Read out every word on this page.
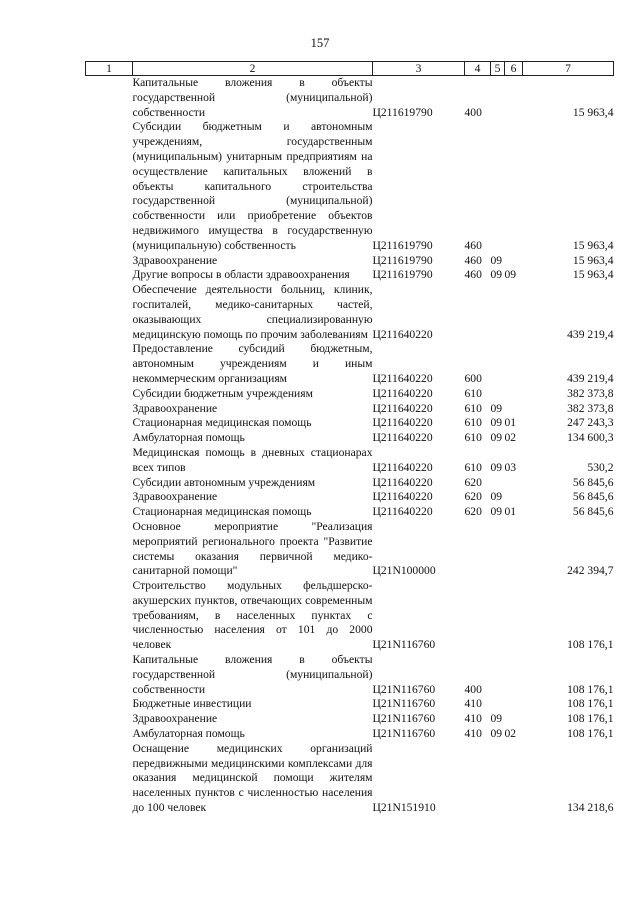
157
1	2	3	4	5	6	7
	Капитальные вложения в объекты государственной (муниципальной) собственности	Ц211619790	400			15 963,4
	Субсидии бюджетным и автономным учреждениям, государственным (муниципальным) унитарным предприятиям на осуществление капитальных вложений в объекты капитального строительства государственной (муниципальной) собственности или приобретение объектов недвижимого имущества в государственную (муниципальную) собственность	Ц211619790	460			15 963,4
	Здравоохранение	Ц211619790	460	09		15 963,4
	Другие вопросы в области здравоохранения	Ц211619790	460	09	09	15 963,4
	Обеспечение деятельности больниц, клиник, госпиталей, медико-санитарных частей, оказывающих специализированную медицинскую помощь по прочим заболеваниям	Ц211640220				439 219,4
	Предоставление субсидий бюджетным, автономным учреждениям и иным некоммерческим организациям	Ц211640220	600			439 219,4
	Субсидии бюджетным учреждениям	Ц211640220	610			382 373,8
	Здравоохранение	Ц211640220	610	09		382 373,8
	Стационарная медицинская помощь	Ц211640220	610	09	01	247 243,3
	Амбулаторная помощь	Ц211640220	610	09	02	134 600,3
	Медицинская помощь в дневных стационарах всех типов	Ц211640220	610	09	03	530,2
	Субсидии автономным учреждениям	Ц211640220	620			56 845,6
	Здравоохранение	Ц211640220	620	09		56 845,6
	Стационарная медицинская помощь	Ц211640220	620	09	01	56 845,6
	Основное мероприятие "Реализация мероприятий регионального проекта "Развитие системы оказания первичной медико-санитарной помощи"	Ц21N100000				242 394,7
	Строительство модульных фельдшерско-акушерских пунктов, отвечающих современным требованиям, в населенных пунктах с численностью населения от 101 до 2000 человек	Ц21N116760				108 176,1
	Капитальные вложения в объекты государственной (муниципальной) собственности	Ц21N116760	400			108 176,1
	Бюджетные инвестиции	Ц21N116760	410			108 176,1
	Здравоохранение	Ц21N116760	410	09		108 176,1
	Амбулаторная помощь	Ц21N116760	410	09	02	108 176,1
	Оснащение медицинских организаций передвижными медицинскими комплексами для оказания медицинской помощи жителям населенных пунктов с численностью населения до 100 человек	Ц21N151910				134 218,6
